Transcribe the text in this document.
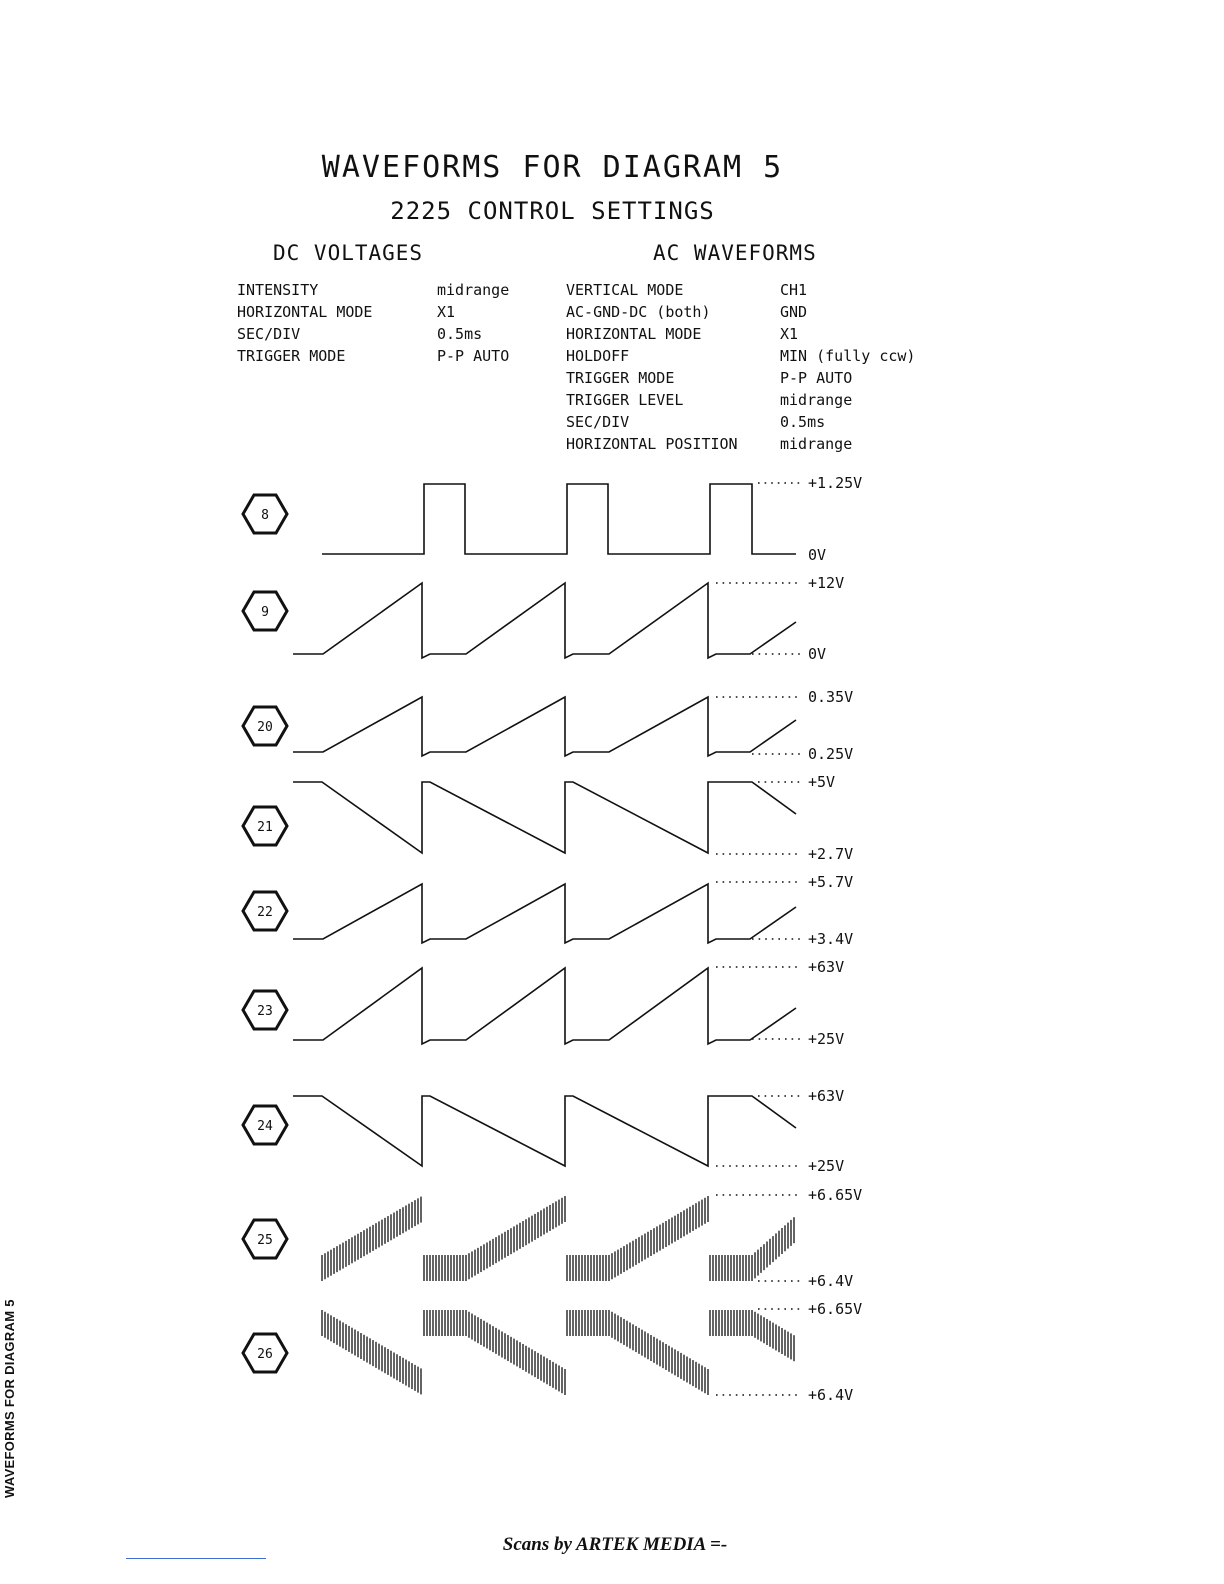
WAVEFORMS FOR DIAGRAM 5
2225 CONTROL SETTINGS
DC VOLTAGES	AC WAVEFORMS
INTENSITY	midrange
HORIZONTAL MODE	X1
SEC/DIV	0.5ms
TRIGGER MODE	P-P AUTO
VERTICAL MODE	CH1
AC-GND-DC (both)	GND
HORIZONTAL MODE	X1
HOLDOFF	MIN (fully ccw)
TRIGGER MODE	P-P AUTO
TRIGGER LEVEL	midrange
SEC/DIV	0.5ms
HORIZONTAL POSITION	midrange
8
+1.25V
0V
9
+12V
0V
20
0.35V
0.25V
21
+5V
+2.7V
22
+5.7V
+3.4V
23
+63V
+25V
24
+63V
+25V
25
+6.65V
+6.4V
26
+6.65V
+6.4V
WAVEFORMS FOR DIAGRAM 5
Scans by ARTEK MEDIA =-
